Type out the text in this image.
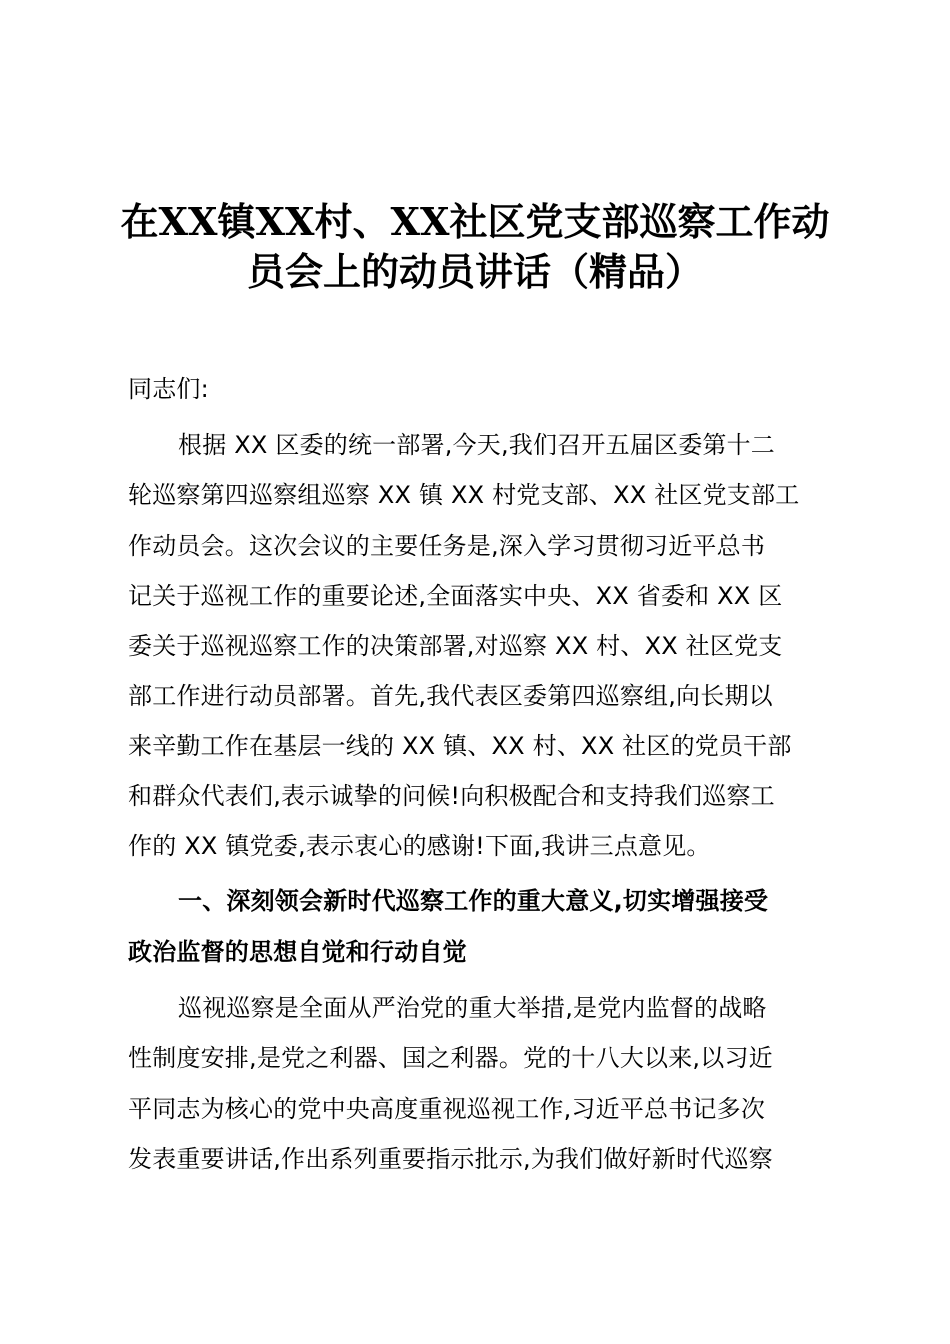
在XX镇XX村、XX社区党支部巡察工作动
员会上的动员讲话（精品）
同志们:
根据 XX 区委的统一部署,今天,我们召开五届区委第十二
轮巡察第四巡察组巡察 XX 镇 XX 村党支部、XX 社区党支部工
作动员会。这次会议的主要任务是,深入学习贯彻习近平总书
记关于巡视工作的重要论述,全面落实中央、XX 省委和 XX 区
委关于巡视巡察工作的决策部署,对巡察 XX 村、XX 社区党支
部工作进行动员部署。首先,我代表区委第四巡察组,向长期以
来辛勤工作在基层一线的 XX 镇、XX 村、XX 社区的党员干部
和群众代表们,表示诚挚的问候!向积极配合和支持我们巡察工
作的 XX 镇党委,表示衷心的感谢!下面,我讲三点意见。
一、深刻领会新时代巡察工作的重大意义,切实增强接受
政治监督的思想自觉和行动自觉
巡视巡察是全面从严治党的重大举措,是党内监督的战略
性制度安排,是党之利器、国之利器。党的十八大以来,以习近
平同志为核心的党中央高度重视巡视工作,习近平总书记多次
发表重要讲话,作出系列重要指示批示,为我们做好新时代巡察
